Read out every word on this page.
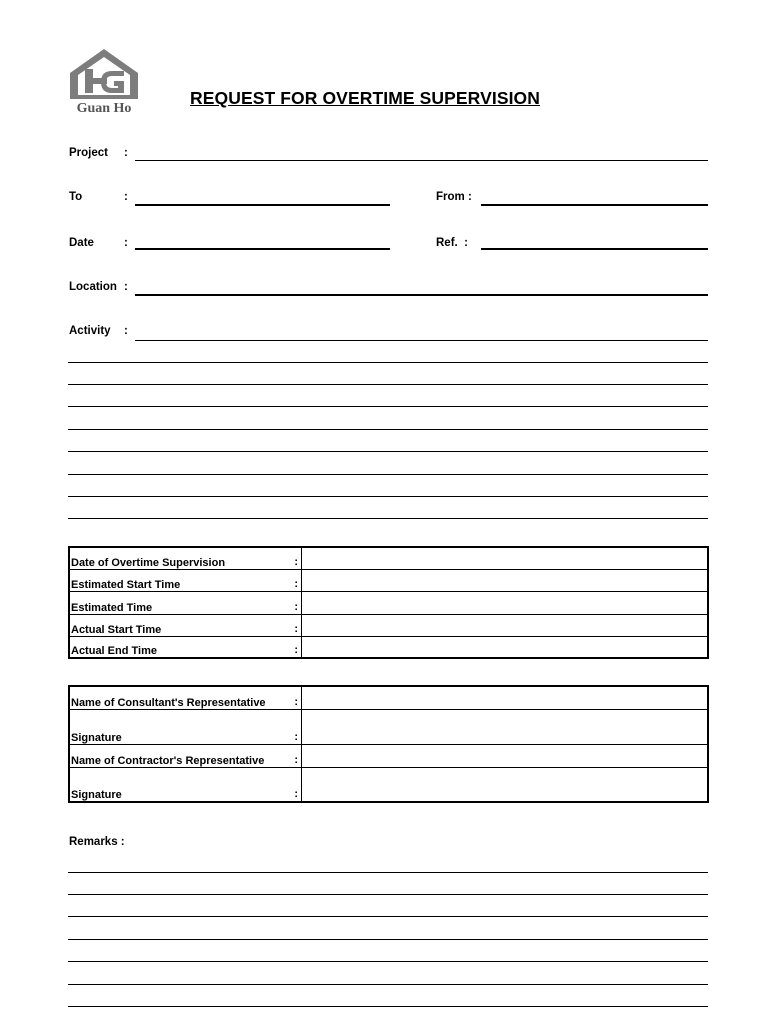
Guan Ho
REQUEST FOR OVERTIME SUPERVISION
Project :
To	:	From :
Date	:	Ref.  :
Location :
Activity :
Date of Overtime Supervision :	

Estimated Start Time :	

Estimated Time :	

Actual Start Time :	

Actual End Time :	

Name of Consultant's Representative :	

Signature :	

Name of Contractor's Representative :	

Signature :	

Remarks :
